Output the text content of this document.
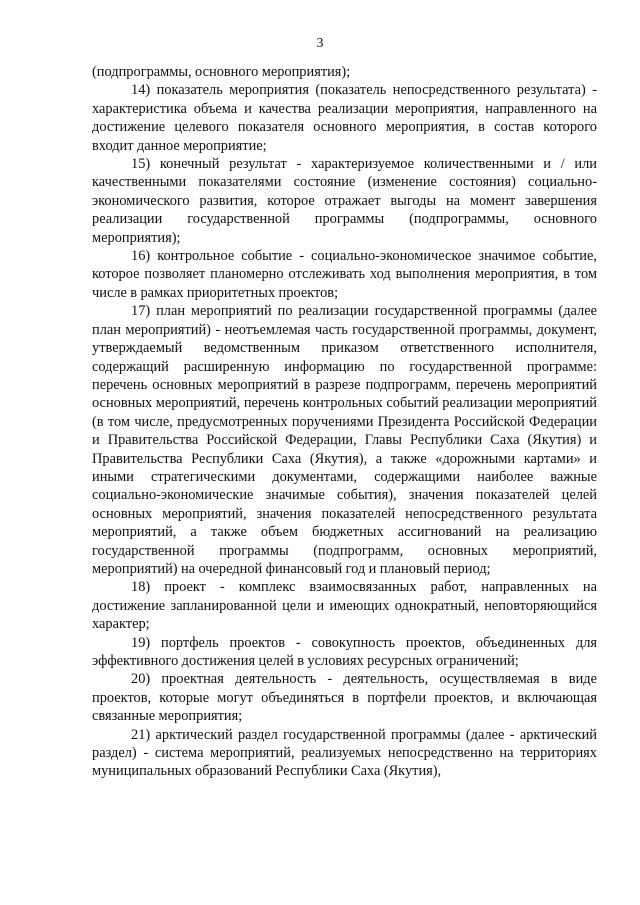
3

(подпрограммы, основного мероприятия);

14) показатель мероприятия (показатель непосредственного результата) - характеристика объема и качества реализации мероприятия, направленного на достижение целевого показателя основного мероприятия, в состав которого входит данное мероприятие;

15) конечный результат - характеризуемое количественными и / или качественными показателями состояние (изменение состояния) социально-экономического развития, которое отражает выгоды на момент завершения реализации государственной программы (подпрограммы, основного мероприятия);

16) контрольное событие - социально-экономическое значимое событие, которое позволяет планомерно отслеживать ход выполнения мероприятия, в том числе в рамках приоритетных проектов;

17) план мероприятий по реализации государственной программы (далее план мероприятий) - неотъемлемая часть государственной программы, документ, утверждаемый ведомственным приказом ответственного исполнителя, содержащий расширенную информацию по государственной программе: перечень основных мероприятий в разрезе подпрограмм, перечень мероприятий основных мероприятий, перечень контрольных событий реализации мероприятий (в том числе, предусмотренных поручениями Президента Российской Федерации и Правительства Российской Федерации, Главы Республики Саха (Якутия) и Правительства Республики Саха (Якутия), а также «дорожными картами» и иными стратегическими документами, содержащими наиболее важные социально-экономические значимые события), значения показателей целей основных мероприятий, значения показателей непосредственного результата мероприятий, а также объем бюджетных ассигнований на реализацию государственной программы (подпрограмм, основных мероприятий, мероприятий) на очередной финансовый год и плановый период;

18) проект - комплекс взаимосвязанных работ, направленных на достижение запланированной цели и имеющих однократный, неповторяющийся характер;

19) портфель проектов - совокупность проектов, объединенных для эффективного достижения целей в условиях ресурсных ограничений;

20) проектная деятельность - деятельность, осуществляемая в виде проектов, которые могут объединяться в портфели проектов, и включающая связанные мероприятия;

21) арктический раздел государственной программы (далее - арктический раздел) - система мероприятий, реализуемых непосредственно на территориях муниципальных образований Республики Саха (Якутия),
